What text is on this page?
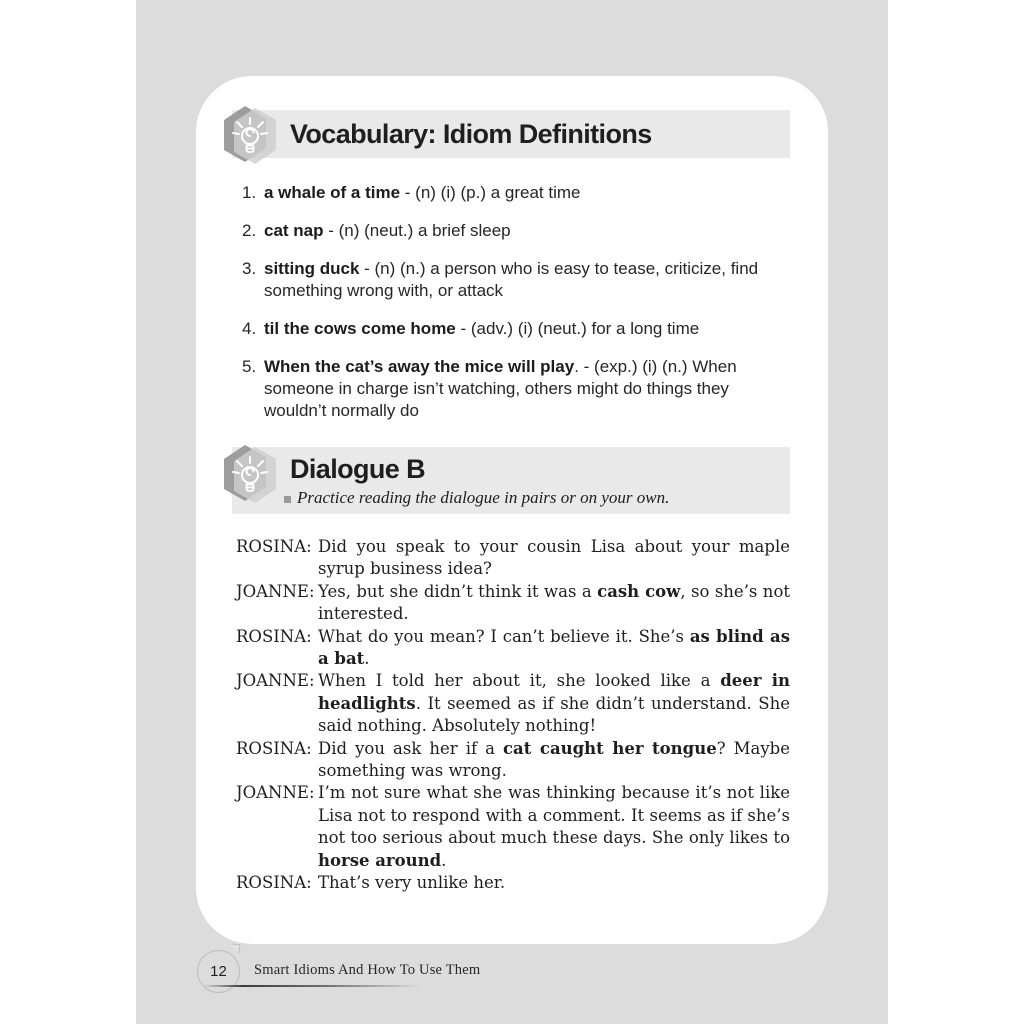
Vocabulary: Idiom Definitions
1. a whale of a time - (n) (i) (p.) a great time
2. cat nap - (n) (neut.) a brief sleep
3. sitting duck - (n) (n.) a person who is easy to tease, criticize, find something wrong with, or attack
4. til the cows come home - (adv.) (i) (neut.) for a long time
5. When the cat’s away the mice will play. - (exp.) (i) (n.) When someone in charge isn’t watching, others might do things they wouldn’t normally do
Dialogue B
Practice reading the dialogue in pairs or on your own.
ROSINA: Did you speak to your cousin Lisa about your maple syrup business idea?
JOANNE: Yes, but she didn’t think it was a cash cow, so she’s not interested.
ROSINA: What do you mean? I can’t believe it. She’s as blind as a bat.
JOANNE: When I told her about it, she looked like a deer in headlights. It seemed as if she didn’t understand. She said nothing. Absolutely nothing!
ROSINA: Did you ask her if a cat caught her tongue? Maybe something was wrong.
JOANNE: I’m not sure what she was thinking because it’s not like Lisa not to respond with a comment. It seems as if she’s not too serious about much these days. She only likes to horse around.
ROSINA: That’s very unlike her.
12	Smart Idioms And How To Use Them
